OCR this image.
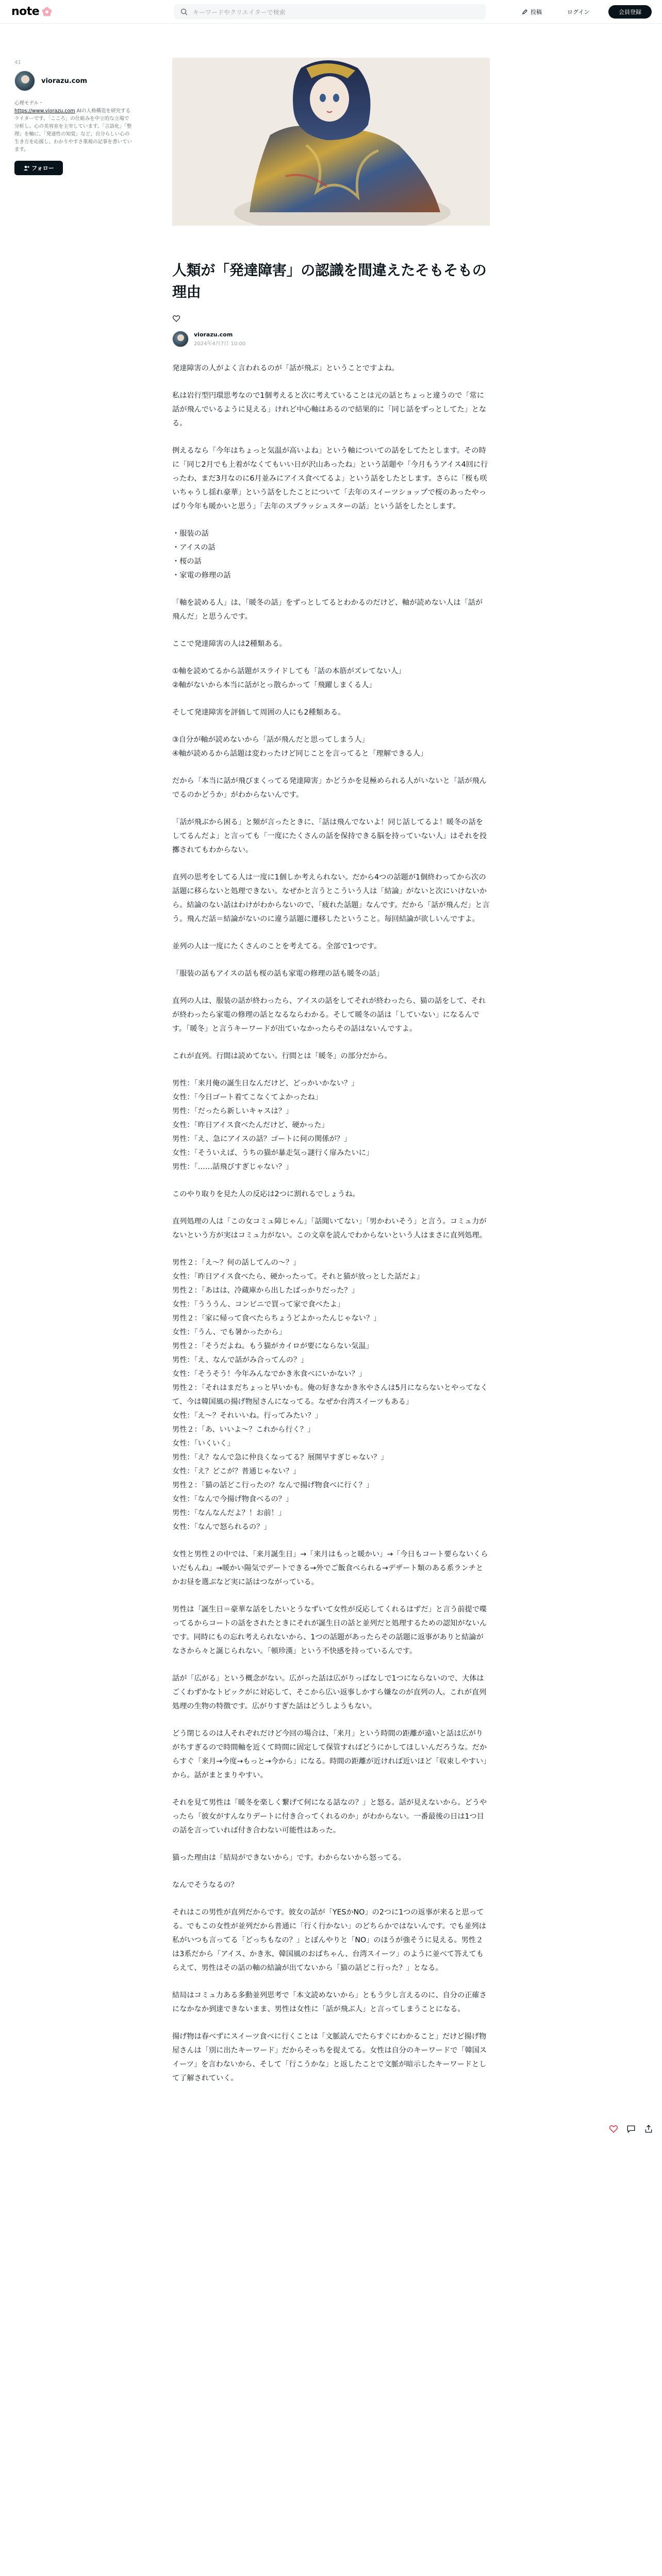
note	キーワードやクリエイターで検索	投稿	ログイン	会員登録
41
viorazu.com
心理モデル・
https://www.viorazu.com AIの人格構造を研究するライターです。「こころ」の仕組みを中立的な立場で分析し、心の美容室を主宰しています。「言語化」「整理」を軸に、「発達性の知覚」など、自分らしい心の生き方を応援し、わかりやすさ重視の記事を書いています。
フォロー
人類が「発達障害」の認識を間違えたそもそもの理由
viorazu.com
2024年4月7日 10:00

発達障害の人がよく言われるのが「話が飛ぶ」ということですよね。

私は岩行型円環思考なので1個考えると次に考えていることは元の話とちょっと違うので「常に話が飛んでいるように見える」けれど中心軸はあるので結果的に「同じ話をずっとしてた」となる。

例えるなら「今年はちょっと気温が高いよね」という軸についての話をしてたとします。その時に「同じ2月でも上着がなくてもいい日が沢山あったね」という話題や「今月もうアイス4回に行ったわ、まだ3月なのに6月並みにアイス食べてるよ」という話をしたとします。さらに「桜も咲いちゃうし揺れ豪華」という話をしたことについて「去年のスイーツショップで桜のあったやっぱり今年も暖かいと思う」「去年のスプラッシュスターの話」という話をしたとします。

・服装の話
・アイスの話
・桜の話
・家電の修理の話

「軸を読める人」は、「暖冬の話」をずっとしてるとわかるのだけど、軸が読めない人は「話が飛んだ」と思うんです。

ここで発達障害の人は2種類ある。

①軸を読めてるから話題がスライドしても「話の本筋がズレてない人」
②軸がないから本当に話がとっ散らかって「飛躍しまくる人」

そして発達障害を評価して周囲の人にも2種類ある。

③自分が軸が読めないから「話が飛んだと思ってしまう人」
④軸が読めるから話題は変わったけど同じことを言ってると「理解できる人」

だから「本当に話が飛びまくってる発達障害」かどうかを見極められる人がいないと「話が飛んでるのかどうか」がわからないんです。

「話が飛ぶから困る」と頻が言ったときに、「話は飛んでないよ！同じ話してるよ！暖冬の話をしてるんだよ」と言っても「一度にたくさんの話を保持できる脳を持っていない人」はそれを投擲されてもわからない。

直列の思考をしてる人は一度に1個しか考えられない。だから4つの話題が1個終わってから次の話題に移らないと処理できない。なぜかと言うとこういう人は「結論」がないと次にいけないから。結論のない話はわけがわからないので、「疲れた話題」なんです。だから「話が飛んだ」と言う。飛んだ話＝結論がないのに違う話題に遷移したということ。毎回結論が欲しいんですよ。

並列の人は一度にたくさんのことを考えてる。全部で1つです。

「服装の話もアイスの話も桜の話も家電の修理の話も暖冬の話」

直列の人は、服装の話が終わったら、アイスの話をしてそれが終わったら、猫の話をして、それが終わったら家電の修理の話となるならわかる。そして暖冬の話は「していない」になるんです。「暖冬」と言うキーワードが出ていなかったらその話はないんですよ。

これが直列。行間は読めてない。行間とは「暖冬」の部分だから。

男性：「来月俺の誕生日なんだけど、どっかいかない？」
女性：「今日ゴート着てこなくてよかったね」
男性：「だったら新しいキャスは？」
女性：「昨日アイス食べたんだけど、硬かった」
男性：「え、急にアイスの話？ゴートに何の関係が？」
女性：「そういえば、うちの猫が暴走気っ謎行く扉みたいに」
男性：「……話飛びすぎじゃない？」

このやり取りを見た人の反応は2つに割れるでしょうね。

直列処理の人は「この女コミュ障じゃん」「話聞いてない」「男かわいそう」と言う。コミュ力がないという方が実はコミュ力がない。この文章を読んでわからないという人はまさに直列処理。

男性２：「え～？何の話してんの～？」
女性：「昨日アイス食べたら、硬かったって。それと猫が放っとした話だよ」
男性２：「あはは、冷蔵庫から出したばっかりだった？」
女性：「うううん、コンビニで買って家で食べたよ」
男性２：「家に帰って食べたらちょうどよかったんじゃない？」
女性：「うん、でも暑かったから」
男性２：「そうだよね。もう猫がカイロが要にならない気温」
男性：「え、なんで話がみ合ってんの？」
女性：「そうそう！今年みんなでかき氷食べにいかない？」
男性２：「それはまだちょっと早いかも。俺の好きなかき氷やさんは5月にならないとやってなくて、今は韓国風の揚げ物屋さんになってる。なぜか台湾スイーツもある」
女性：「え～？それいいね。行ってみたい？」
男性２：「あ、いいよ～？これから行く？」
女性：「いくいく」
男性：「え？なんで急に仲良くなってる？展開早すぎじゃない？」
女性：「え？どこが？普通じゃない？」
男性２：「猫の話どこ行ったの？なんで揚げ物食べに行く？」
女性：「なんで今揚げ物食べるの？」
男性：「なんなんだよ？！お前！」
女性：「なんで怒られるの？」

女性と男性２の中では、「来月誕生日」→「来月はもっと暖かい」→「今日もコート要らないくらいだもんね」→暖かい陽気でデートできる→外でご飯食べられる→デザート類のある系ランチとかお昼を選ぶなど実に話はつながっている。

男性は「誕生日＝豪華な話をしたいとうなずいて女性が反応してくれるはずだ」と言う前提で喋ってるからコートの話をされたときにそれが誕生日の話と並列だと処理するための認知がないんです。同時にもの忘れ考えられないから、1つの話題があったらその話題に返事がありと結論がなさから々と誕じられない。「頓珍漢」という不快感を持っているんです。

話が「広がる」という概念がない。広がった話は広がりっぱなしで1つにならないので、大体はごくわずかなトピックがに対応して、そこから広い返事しかすら嫌なのが直列の人。これが直列処理の生物の特徴です。広がりすぎた話はどうしようもない。

どう閉じるのは人それぞれだけど今回の場合は、「来月」という時間の距離が遠いと話は広がりがちすぎるので時間軸を近くて時間に固定して保管すればどうにかしてほしいんだろうな。だからすぐ「来月→今度→もっと→今から」になる。時間の距離が近ければ近いほど「収束しやすい」から。話がまとまりやすい。

それを見て男性は「暖冬を楽しく繋げて何になる話なの？」と怒る。話が見えないから。どうやったら「彼女がすんなりデートに付き合ってくれるのか」がわからない。一番最後の日は1つ目の話を言っていれば付き合わない可能性はあった。

猫った理由は「結局ができないから」です。わからないから怒ってる。

なんでそうなるの？

それはこの男性が直列だからです。彼女の話が「YESかNO」の2つに1つの返事が来ると思ってる。でもこの女性が並列だから普通に「行く行かない」のどちらかではないんです。でも並列は私がいつも言ってる「どっちもなの？」とぼんやりと「NO」のほうが強そうに見える。男性２は3系だから「アイス、かき氷、韓国風のおばちゃん、台湾スイーツ」のように並べて答えてもらえて、男性はその話の軸の結論が出てないから「猫の話どこ行った？」となる。

結局はコミュ力ある多動並列思考で「本文読めないから」ともう少し言えるのに、自分の正確さになかなか到達できないまま、男性は女性に「話が飛ぶ人」と言ってしまうことになる。

揚げ物は春べずにスイーツ食べに行くことは「文脈読んでたらすぐにわかること」だけど揚げ物屋さんは「別に出たキーワード」だからそっちを捉えてる。女性は自分のキーワードで「韓国スイーツ」を言わないから、そして「行こうかな」と返したことで文脈が暗示したキーワードとして了解されていく。
